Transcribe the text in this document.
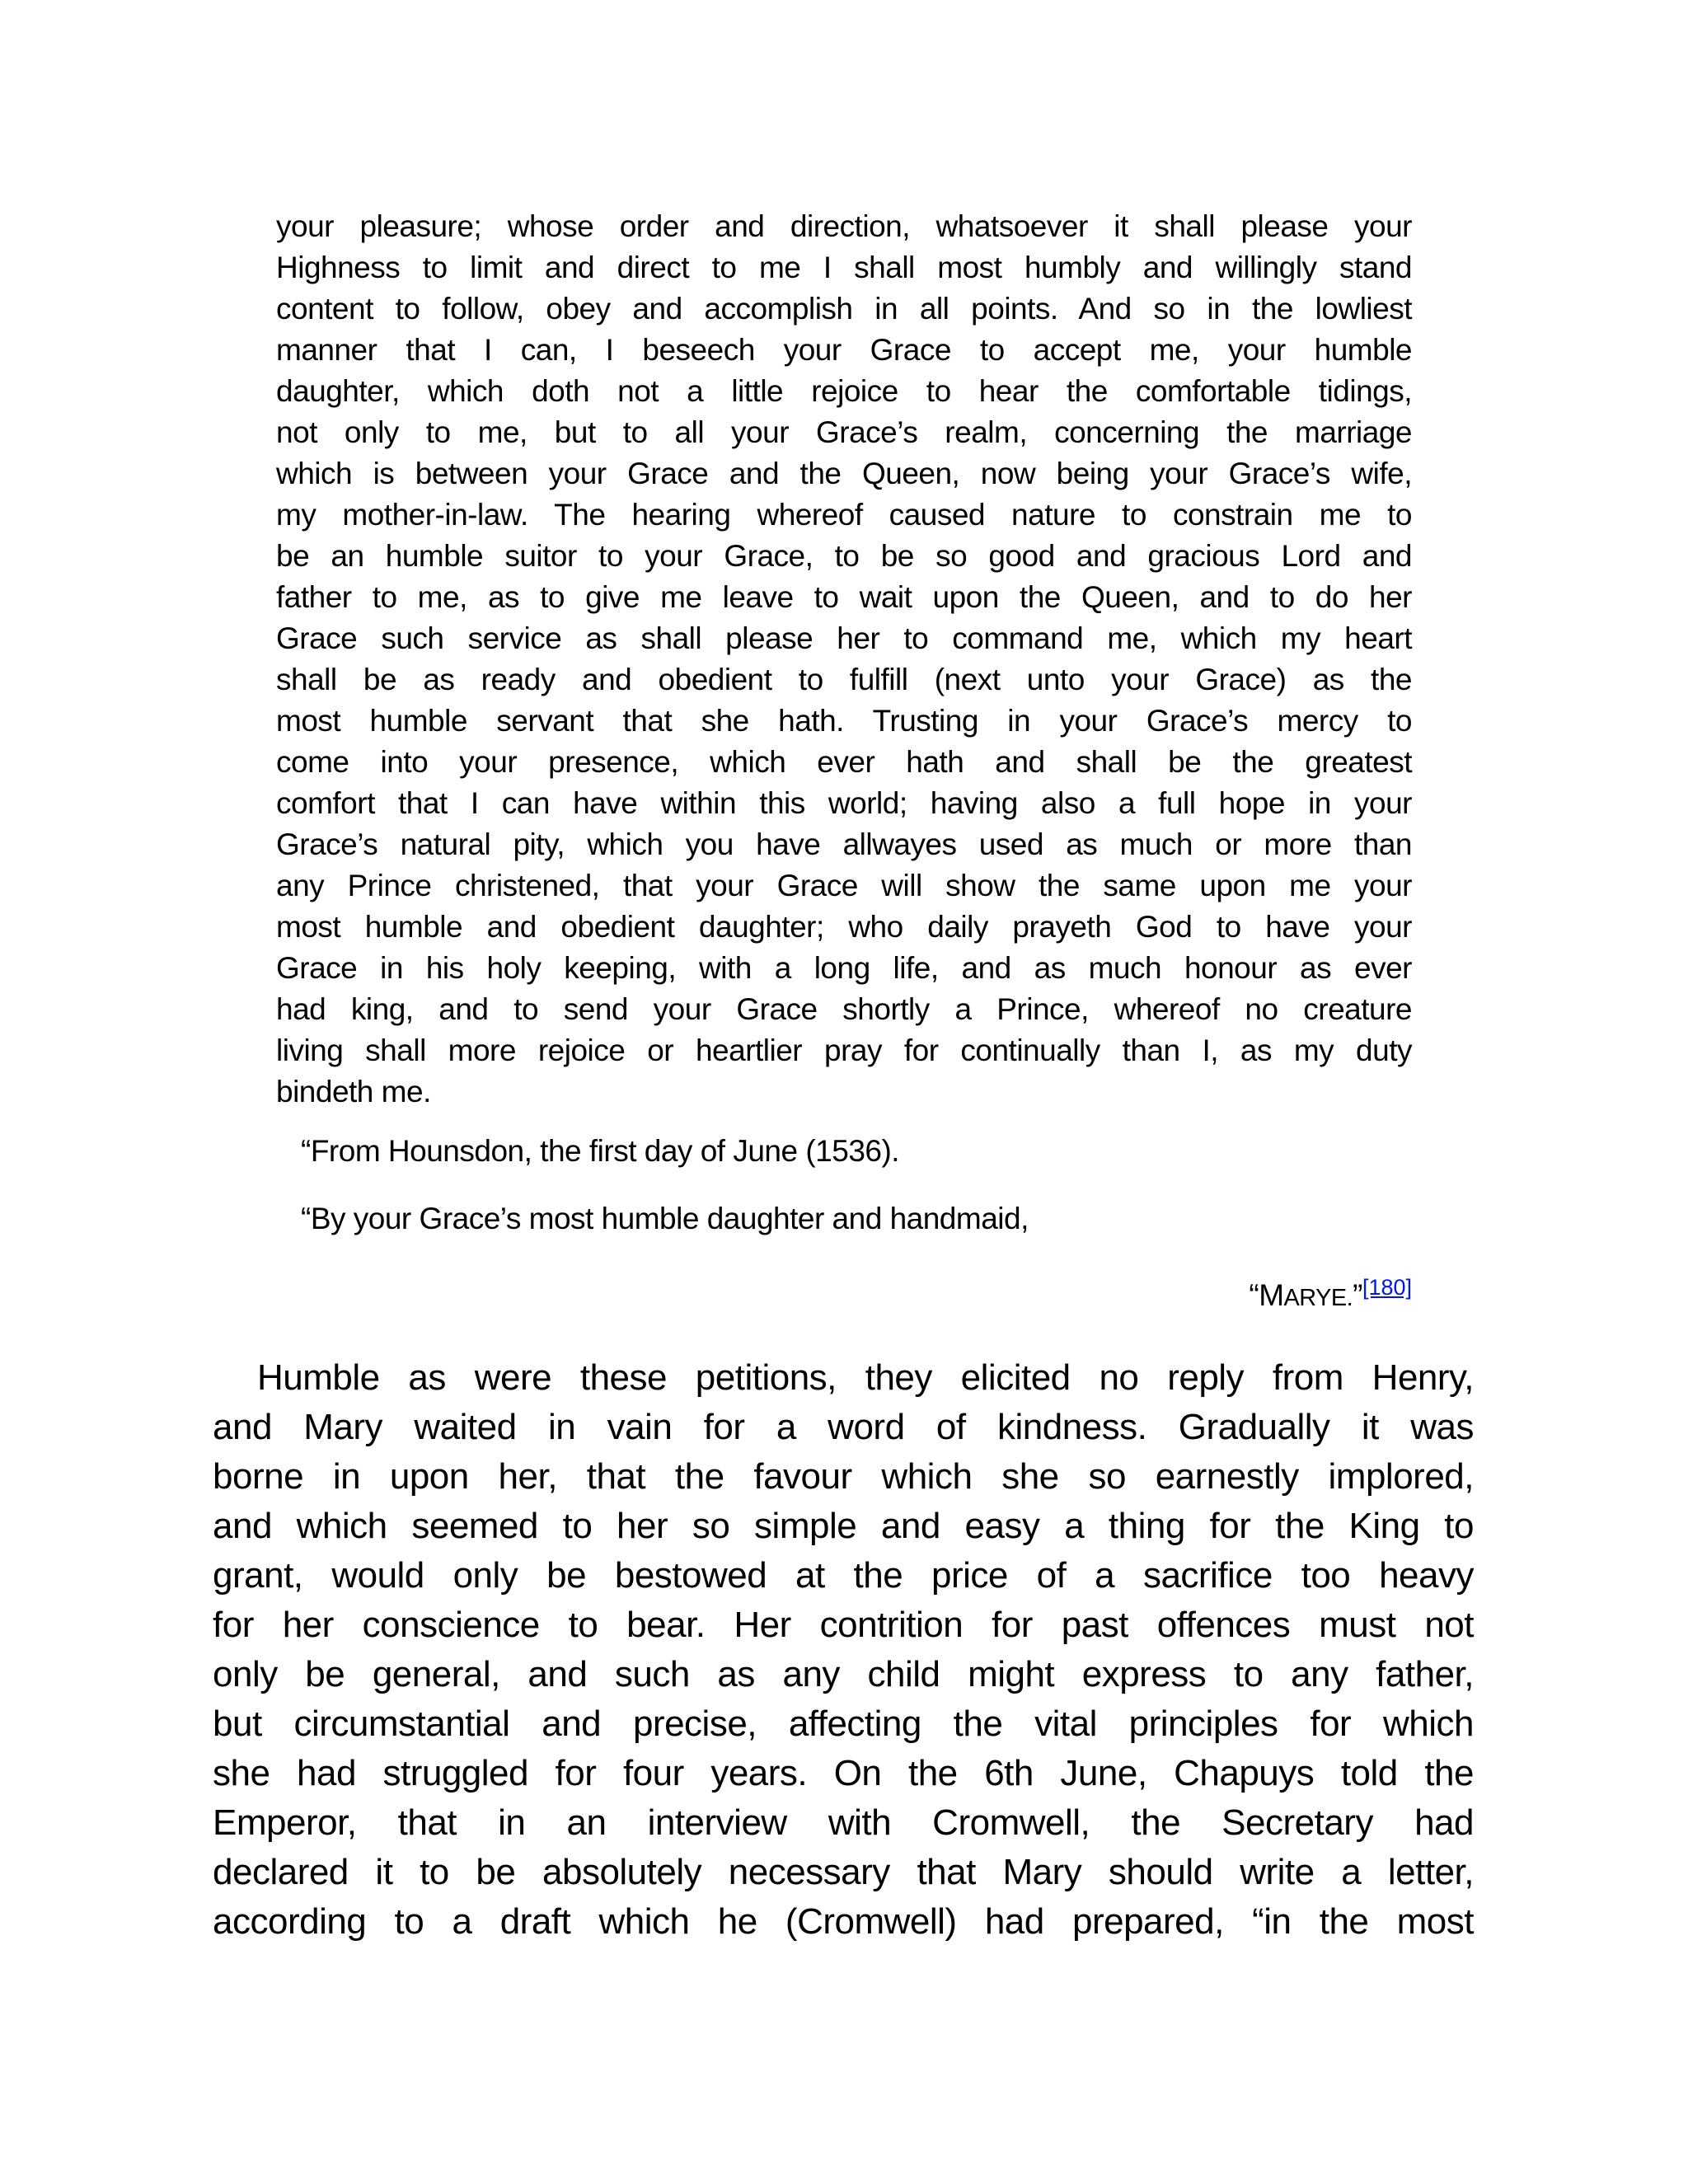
your pleasure; whose order and direction, whatsoever it shall please your
Highness to limit and direct to me I shall most humbly and willingly stand
content to follow, obey and accomplish in all points. And so in the lowliest
manner that I can, I beseech your Grace to accept me, your humble
daughter, which doth not a little rejoice to hear the comfortable tidings,
not only to me, but to all your Grace’s realm, concerning the marriage
which is between your Grace and the Queen, now being your Grace’s wife,
my mother-in-law. The hearing whereof caused nature to constrain me to
be an humble suitor to your Grace, to be so good and gracious Lord and
father to me, as to give me leave to wait upon the Queen, and to do her
Grace such service as shall please her to command me, which my heart
shall be as ready and obedient to fulfill (next unto your Grace) as the
most humble servant that she hath. Trusting in your Grace’s mercy to
come into your presence, which ever hath and shall be the greatest
comfort that I can have within this world; having also a full hope in your
Grace’s natural pity, which you have allwayes used as much or more than
any Prince christened, that your Grace will show the same upon me your
most humble and obedient daughter; who daily prayeth God to have your
Grace in his holy keeping, with a long life, and as much honour as ever
had king, and to send your Grace shortly a Prince, whereof no creature
living shall more rejoice or heartlier pray for continually than I, as my duty
bindeth me.

“From Hounsdon, the first day of June (1536).

“By your Grace’s most humble daughter and handmaid,

“MARYE.”[180]

Humble as were these petitions, they elicited no reply from Henry,
and Mary waited in vain for a word of kindness. Gradually it was
borne in upon her, that the favour which she so earnestly implored,
and which seemed to her so simple and easy a thing for the King to
grant, would only be bestowed at the price of a sacrifice too heavy
for her conscience to bear. Her contrition for past offences must not
only be general, and such as any child might express to any father,
but circumstantial and precise, affecting the vital principles for which
she had struggled for four years. On the 6th June, Chapuys told the
Emperor, that in an interview with Cromwell, the Secretary had
declared it to be absolutely necessary that Mary should write a letter,
according to a draft which he (Cromwell) had prepared, “in the most
